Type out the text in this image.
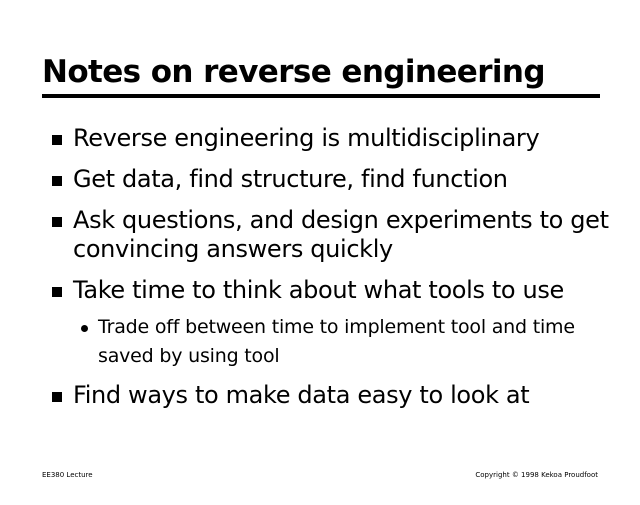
Notes on reverse engineering
Reverse engineering is multidisciplinary
Get data, find structure, find function
Ask questions, and design experiments to get convincing answers quickly
Take time to think about what tools to use
Trade off between time to implement tool and time saved by using tool
Find ways to make data easy to look at
EE380 Lecture	Copyright © 1998 Kekoa Proudfoot
